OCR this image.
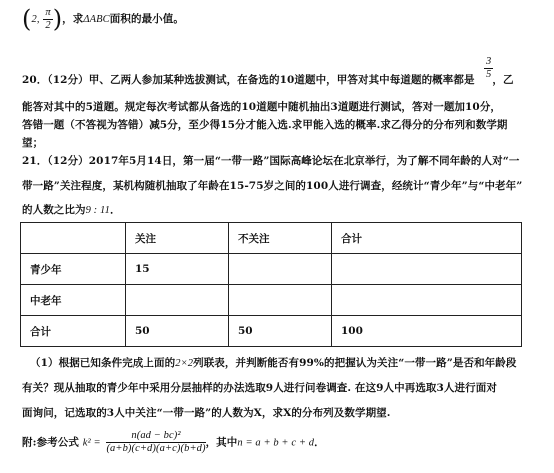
(2, $\frac{\pi}{2}$ )，求ΔABC面积的最小值。
$\frac{3}{5}$
20．（12分）甲、乙两人参加某种选拔测试，在备选的10道题中，甲答对其中每道题的概率都是 ，乙
能答对其中的5道题。规定每次考试都从备选的10道题中随机抽出3道题进行测试，答对一题加10分，
答错一题（不答视为答错）减5分，至少得15分才能入选.求甲能入选的概率.求乙得分的分布列和数学期
望；
21．（12分）2017年5月14日，第一届“一带一路”国际高峰论坛在北京举行，为了解不同年龄的人对“一
带一路”关注程度，某机构随机抽取了年龄在15-75岁之间的100人进行调查，经统计“青少年”与“中老年”
的人数之比为9 : 11．
	关注	不关注	合计
青少年	15		
中老年			
合计	50	50	100
（1）根据已知条件完成上面的2×2列联表，并判断能否有99%的把握认为关注“一带一路”是否和年龄段
有关？现从抽取的青少年中采用分层抽样的办法选取9人进行问卷调查. 在这9人中再选取3人进行面对
面询问，记选取的3人中关注“一带一路”的人数为X，求X的分布列及数学期望.
附:参考公式 $k^2 = \frac{\text{n(ad − bc)²}}{(a+b)(c+d)(a+c)(b+d)}$ ，其中n = a + b + c + d．
